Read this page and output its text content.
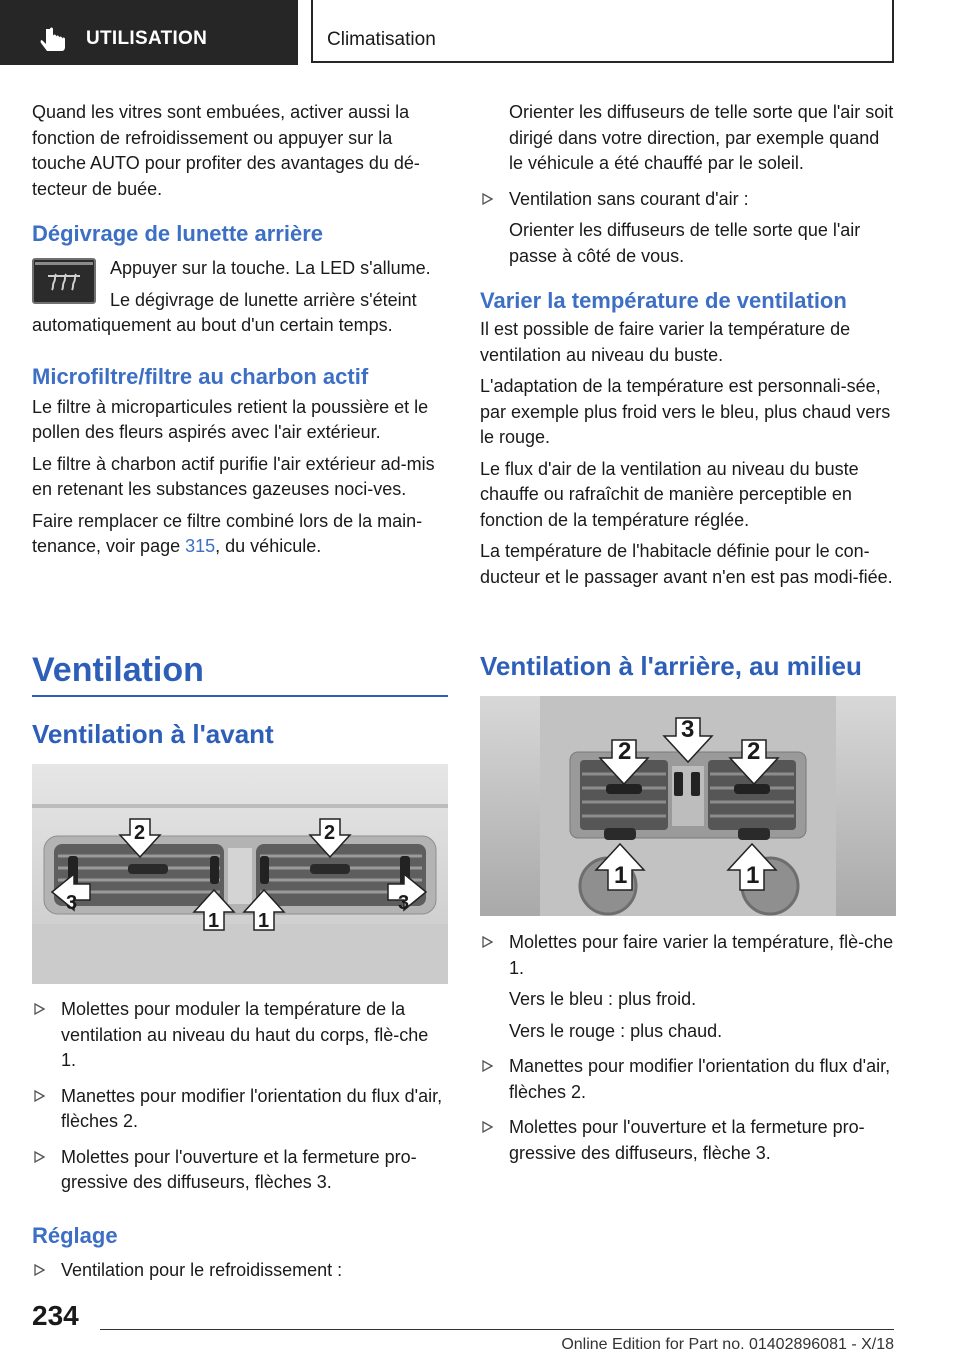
UTILISATION	Climatisation

Quand les vitres sont embuées, activer aussi la fonction de refroidissement ou appuyer sur la touche AUTO pour profiter des avantages du dé-tecteur de buée.

Dégivrage de lunette arrière

Appuyer sur la touche. La LED s'allume.

Le dégivrage de lunette arrière s'éteint automatiquement au bout d'un certain temps.

Microfiltre/filtre au charbon actif

Le filtre à microparticules retient la poussière et le pollen des fleurs aspirés avec l'air extérieur.

Le filtre à charbon actif purifie l'air extérieur ad-mis en retenant les substances gazeuses noci-ves.

Faire remplacer ce filtre combiné lors de la main-tenance, voir page 315, du véhicule.

Ventilation
Ventilation à l'avant
2	2
3
1 1
3

Molettes pour moduler la température de la ventilation au niveau du haut du corps, flè-che 1.

Manettes pour modifier l'orientation du flux d'air, flèches 2.

Molettes pour l'ouverture et la fermeture pro-gressive des diffuseurs, flèches 3.

Réglage

Ventilation pour le refroidissement :

Orienter les diffuseurs de telle sorte que l'air soit dirigé dans votre direction, par exemple quand le véhicule a été chauffé par le soleil.

Ventilation sans courant d'air :

Orienter les diffuseurs de telle sorte que l'air passe à côté de vous.

Varier la température de ventilation

Il est possible de faire varier la température de ventilation au niveau du buste.

L'adaptation de la température est personnali-sée, par exemple plus froid vers le bleu, plus chaud vers le rouge.

Le flux d'air de la ventilation au niveau du buste chauffe ou rafraîchit de manière perceptible en fonction de la température réglée.

La température de l'habitacle définie pour le con-ducteur et le passager avant n'en est pas modi-fiée.

Ventilation à l'arrière, au milieu
2
3
2
1	1

Molettes pour faire varier la température, flè-che 1.

Vers le bleu : plus froid.

Vers le rouge : plus chaud.

Manettes pour modifier l'orientation du flux d'air, flèches 2.

Molettes pour l'ouverture et la fermeture pro-gressive des diffuseurs, flèche 3.

234
Online Edition for Part no. 01402896081 - X/18
